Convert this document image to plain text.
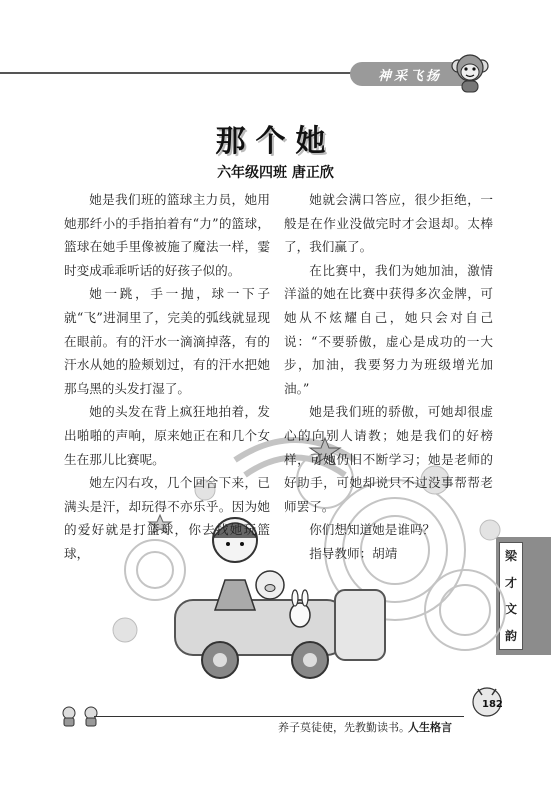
神采飞扬
梁
才
文
韵
那个她
六年级四班 唐正欣

她是我们班的篮球主力员，她用她那纤小的手指拍着有“力”的篮球，篮球在她手里像被施了魔法一样，霎时变成乖乖听话的好孩子似的。

她一跳，手一抛，球一下子就“飞”进洞里了，完美的弧线就显现在眼前。有的汗水一滴滴掉落，有的汗水从她的脸颊划过，有的汗水把她那乌黑的头发打湿了。

她的头发在背上疯狂地拍着，发出啪啪的声响，原来她正在和几个女生在那儿比赛呢。

她左闪右攻，几个回合下来，已满头是汗，却玩得不亦乐乎。因为她的爱好就是打篮球，你去找她玩篮球，

她就会满口答应，很少拒绝，一般是在作业没做完时才会退却。太棒了，我们赢了。

在比赛中，我们为她加油，激情洋溢的她在比赛中获得多次金牌，可她从不炫耀自己，她只会对自己说：“不要骄傲，虚心是成功的一大步，加油，我要努力为班级增光加油。”

她是我们班的骄傲，可她却很虚心的向别人请教；她是我们的好榜样，可她仍旧不断学习；她是老师的好助手，可她却说只不过没事帮帮老师罢了。

你们想知道她是谁吗？

指导教师：胡靖

182
养子莫徒使，先教勤读书。
人生格言
